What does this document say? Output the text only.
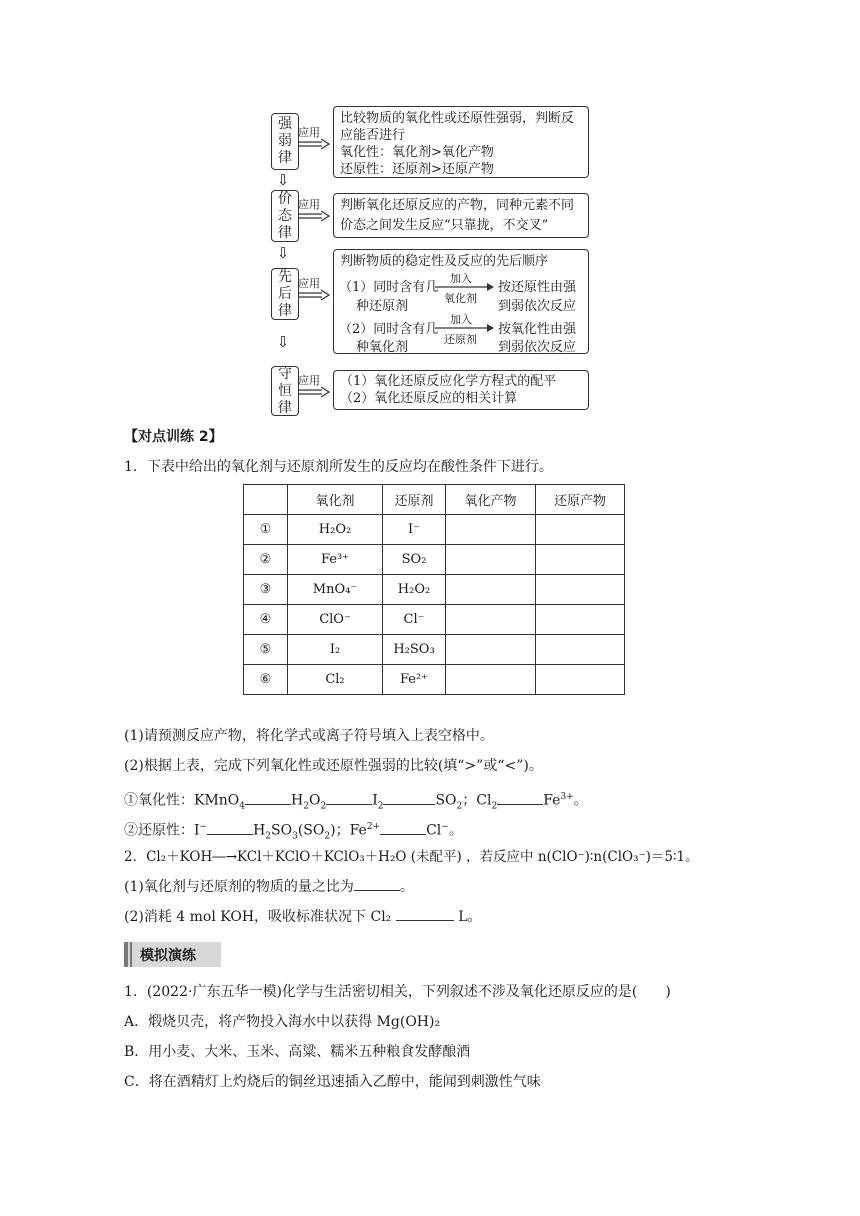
强
弱
律
应用
比较物质的氧化性或还原性强弱，判断反
应能否进行
氧化性：氧化剂>氧化产物
还原性：还原剂>还原产物
⇩
价
态
律
应用 判断氧化还原反应的产物，同种元素不同
价态之间发生反应“只靠拢，不交叉”
⇩
先
后
律
应用
判断物质的稳定性及反应的先后顺序
（1）同时含有几
种还原剂
加入
氧化剂
按还原性由强
到弱依次反应
（2）同时含有几
种氧化剂
加入
还原剂
按氧化性由强
到弱依次反应
⇩
守
恒
律
应用 （1）氧化还原反应化学方程式的配平
（2）氧化还原反应的相关计算
【对点训练 2】
1．下表中给出的氧化剂与还原剂所发生的反应均在酸性条件下进行。
	氧化剂	还原剂	氧化产物	还原产物
①	H₂O₂	I⁻		
②	Fe³⁺	SO₂		
③	MnO₄⁻	H₂O₂		
④	ClO⁻	Cl⁻		
⑤	I₂	H₂SO₃		
⑥	Cl₂	Fe²⁺		
(1)请预测反应产物，将化学式或离子符号填入上表空格中。
(2)根据上表，完成下列氧化性或还原性强弱的比较(填“>”或“<”)。
①氧化性：KMnO$_4$	$H_2O_2$	$I_2$	$SO_2$；$Cl_2$	$Fe^{3+}$。
②还原性：I−	$H_2SO_3(SO_2)$；$Fe^{2+}$	Cl−。
2．Cl₂＋KOH―→KCl＋KClO＋KClO₃＋H₂O (未配平) ，若反应中 n(ClO⁻)∶n(ClO₃⁻)＝5∶1。
(1)氧化剂与还原剂的物质的量之比为	。
(2)消耗 4 mol KOH，吸收标准状况下 Cl₂	L。
模拟演练
1．(2022·广东五华一模)化学与生活密切相关，下列叙述不涉及氧化还原反应的是(　　)
A．煅烧贝壳，将产物投入海水中以获得 Mg(OH)₂
B．用小麦、大米、玉米、高粱、糯米五种粮食发酵酿酒
C．将在酒精灯上灼烧后的铜丝迅速插入乙醇中，能闻到刺激性气味
